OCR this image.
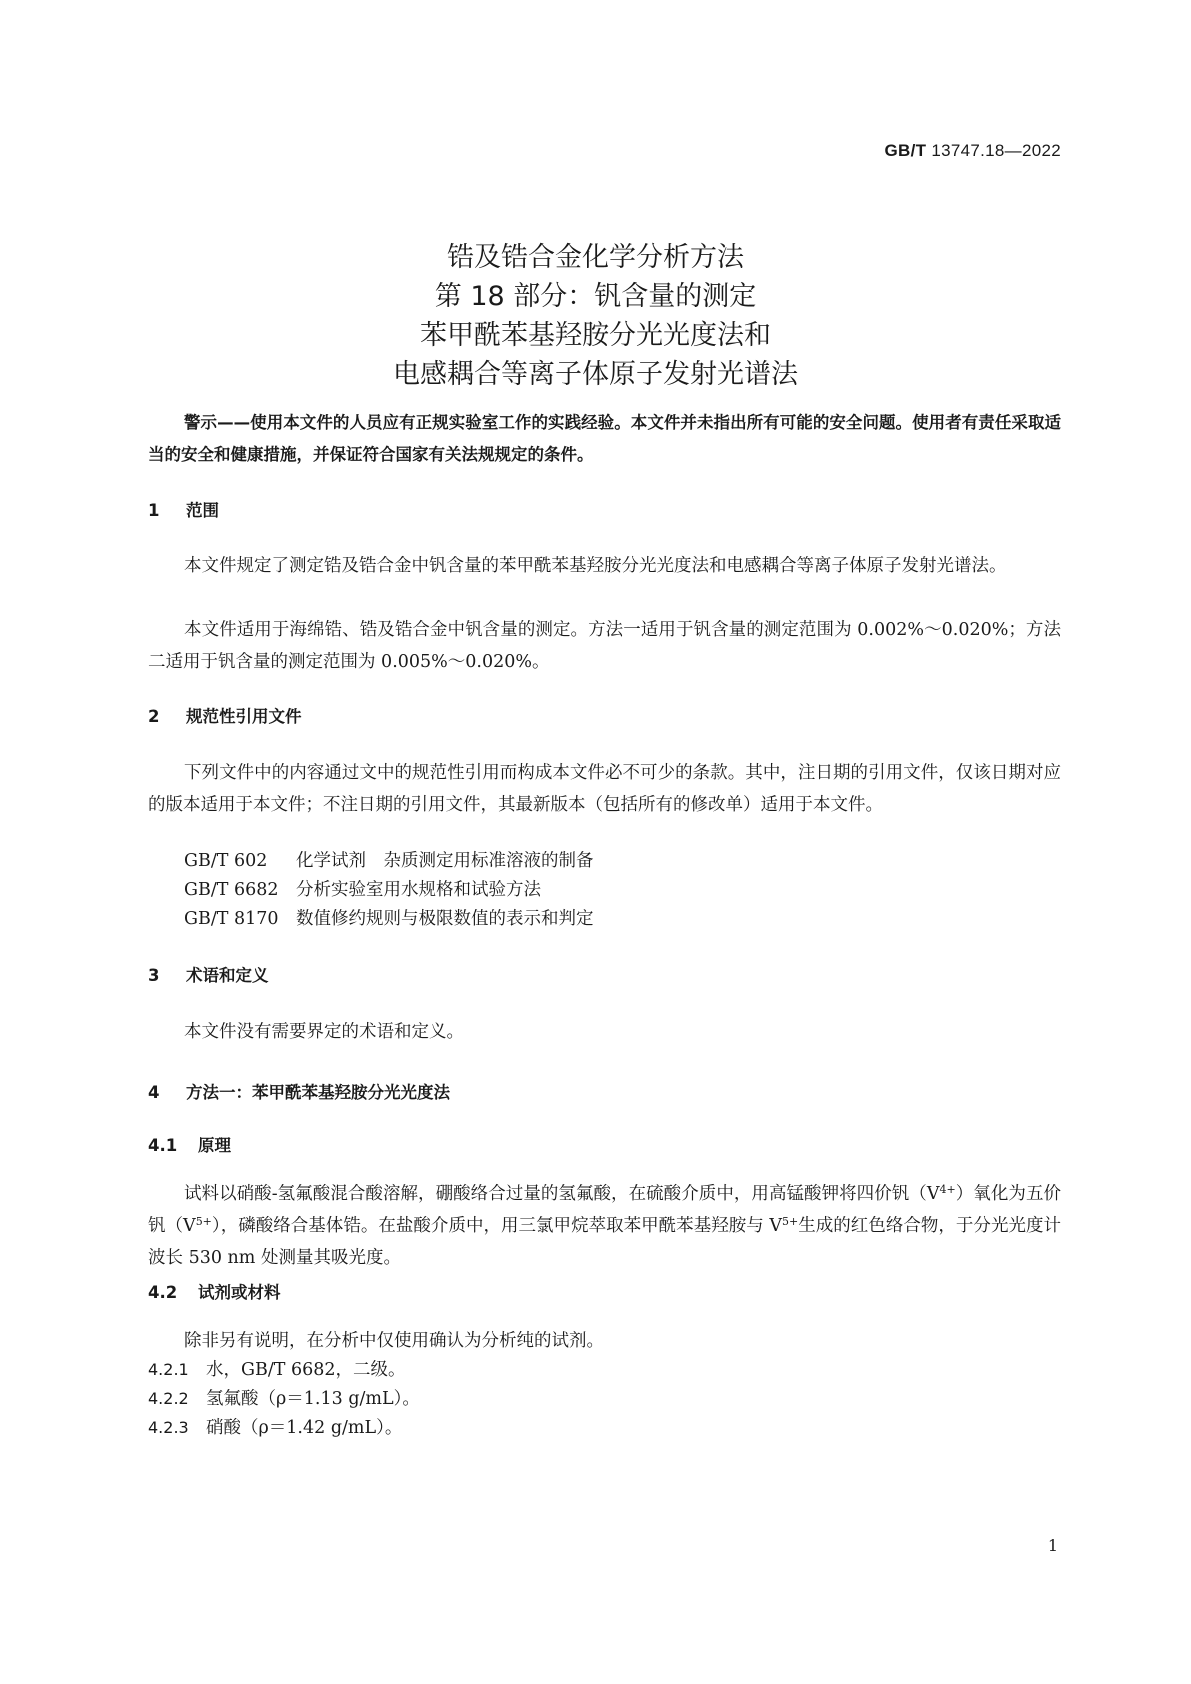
GB/T 13747.18—2022
锆及锆合金化学分析方法
第 18 部分：钒含量的测定
苯甲酰苯基羟胺分光光度法和
电感耦合等离子体原子发射光谱法
警示——使用本文件的人员应有正规实验室工作的实践经验。本文件并未指出所有可能的安全问题。使用者有责任采取适当的安全和健康措施，并保证符合国家有关法规规定的条件。
1 范围
本文件规定了测定锆及锆合金中钒含量的苯甲酰苯基羟胺分光光度法和电感耦合等离子体原子发射光谱法。
本文件适用于海绵锆、锆及锆合金中钒含量的测定。方法一适用于钒含量的测定范围为 0.002%～0.020%；方法二适用于钒含量的测定范围为 0.005%～0.020%。
2 规范性引用文件
下列文件中的内容通过文中的规范性引用而构成本文件必不可少的条款。其中，注日期的引用文件，仅该日期对应的版本适用于本文件；不注日期的引用文件，其最新版本（包括所有的修改单）适用于本文件。
GB/T 602 化学试剂　杂质测定用标准溶液的制备
GB/T 6682 分析实验室用水规格和试验方法
GB/T 8170 数值修约规则与极限数值的表示和判定
3 术语和定义
本文件没有需要界定的术语和定义。
4 方法一：苯甲酰苯基羟胺分光光度法
4.1 原理
试料以硝酸-氢氟酸混合酸溶解，硼酸络合过量的氢氟酸，在硫酸介质中，用高锰酸钾将四价钒$(V^{4+})$氧化为五价钒$(V^{5+})$，磷酸络合基体锆。在盐酸介质中，用三氯甲烷萃取苯甲酰苯基羟胺与 $V^{5+}$生成的红色络合物，于分光光度计波长 530 nm 处测量其吸光度。
4.2 试剂或材料
除非另有说明，在分析中仅使用确认为分析纯的试剂。
4.2.1 水，GB/T 6682，二级。
4.2.2 氢氟酸（ρ＝1.13 g/mL）。
4.2.3 硝酸（ρ＝1.42 g/mL）。
1
